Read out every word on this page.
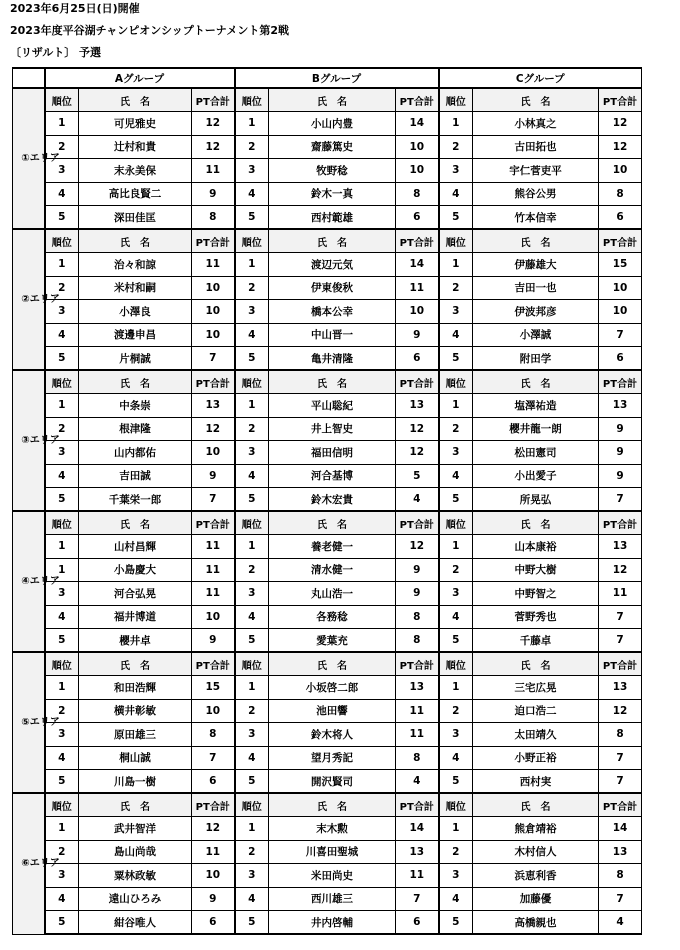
2023年6月25日(日)開催
2023年度平谷湖チャンピオンシップトーナメント第2戦
〔リザルト〕 予選
	Aグループ			Bグループ			Cグループ		
①エリア	順位	氏　名	PT合計	順位	氏　名	PT合計	順位	氏　名	PT合計
	1	可児雅史	12	1	小山内豊	14	1	小林真之	12
	2	辻村和貴	12	2	齋藤篤史	10	2	古田拓也	12
	3	末永美保	11	3	牧野稔	10	3	宇仁菅吏平	10
	4	高比良賢二	9	4	鈴木一真	8	4	熊谷公男	8
	5	深田佳匡	8	5	西村範雄	6	5	竹本信幸	6
②エリア	順位	氏　名	PT合計	順位	氏　名	PT合計	順位	氏　名	PT合計
	1	治々和諒	11	1	渡辺元気	14	1	伊藤雄大	15
	2	米村和嗣	10	2	伊東俊秋	11	2	吉田一也	10
	3	小澤良	10	3	橋本公幸	10	3	伊波邦彦	10
	4	渡邊申昌	10	4	中山晋一	9	4	小澤誠	7
	5	片桐誠	7	5	亀井清隆	6	5	附田学	6
③エリア	順位	氏　名	PT合計	順位	氏　名	PT合計	順位	氏　名	PT合計
	1	中条崇	13	1	平山聡紀	13	1	塩澤祐造	13
	2	根津隆	12	2	井上智史	12	2	櫻井龍一朗	9
	3	山内都佑	10	3	福田信明	12	3	松田憲司	9
	4	吉田誠	9	4	河合基博	5	4	小出愛子	9
	5	千葉栄一郎	7	5	鈴木宏貴	4	5	所晃弘	7
④エリア	順位	氏　名	PT合計	順位	氏　名	PT合計	順位	氏　名	PT合計
	1	山村昌輝	11	1	養老健一	12	1	山本康裕	13
	1	小島慶大	11	2	清水健一	9	2	中野大樹	12
	3	河合弘晃	11	3	丸山浩一	9	3	中野智之	11
	4	福井博道	10	4	各務稔	8	4	菅野秀也	7
	5	櫻井卓	9	5	愛葉充	8	5	千藤卓	7
⑤エリア	順位	氏　名	PT合計	順位	氏　名	PT合計	順位	氏　名	PT合計
	1	和田浩輝	15	1	小坂啓二郎	13	1	三宅広晃	13
	2	横井彰敏	10	2	池田響	11	2	迫口浩二	12
	3	原田雄三	8	3	鈴木将人	11	3	太田靖久	8
	4	桐山誠	7	4	望月秀記	8	4	小野正裕	7
	5	川島一樹	6	5	開沢賢司	4	5	西村実	7
⑥エリア	順位	氏　名	PT合計	順位	氏　名	PT合計	順位	氏　名	PT合計
	1	武井智洋	12	1	末木勲	14	1	熊倉靖裕	14
	2	島山尚哉	11	2	川喜田聖城	13	2	木村信人	13
	3	粟林政敏	10	3	米田尚史	11	3	浜恵利香	8
	4	遠山ひろみ	9	4	西川雄三	7	4	加藤優	7
	5	紺谷唯人	6	5	井内啓輔	6	5	高橋親也	4
